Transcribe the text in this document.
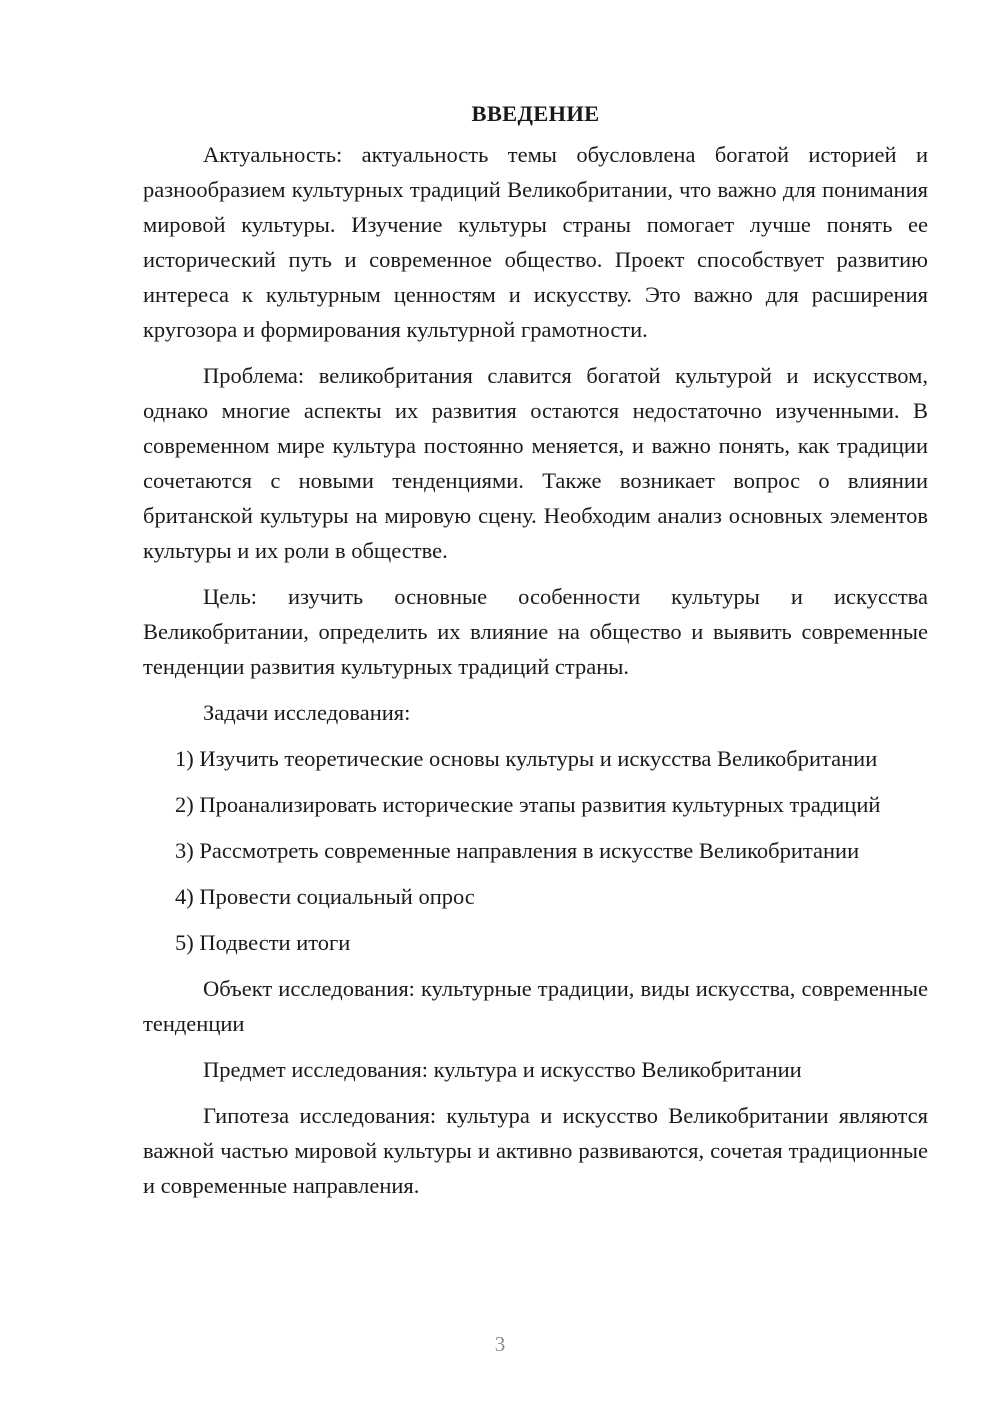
ВВЕДЕНИЕ

Актуальность: актуальность темы обусловлена богатой историей и разнообразием культурных традиций Великобритании, что важно для понимания мировой культуры. Изучение культуры страны помогает лучше понять ее исторический путь и современное общество. Проект способствует развитию интереса к культурным ценностям и искусству. Это важно для расширения кругозора и формирования культурной грамотности.

Проблема: великобритания славится богатой культурой и искусством, однако многие аспекты их развития остаются недостаточно изученными. В современном мире культура постоянно меняется, и важно понять, как традиции сочетаются с новыми тенденциями. Также возникает вопрос о влиянии британской культуры на мировую сцену. Необходим анализ основных элементов культуры и их роли в обществе.

Цель: изучить основные особенности культуры и искусства Великобритании, определить их влияние на общество и выявить современные тенденции развития культурных традиций страны.

Задачи исследования:

1) Изучить теоретические основы культуры и искусства Великобритании

2) Проанализировать исторические этапы развития культурных традиций

3) Рассмотреть современные направления в искусстве Великобритании

4) Провести социальный опрос

5) Подвести итоги

Объект исследования: культурные традиции, виды искусства, современные тенденции

Предмет исследования: культура и искусство Великобритании

Гипотеза исследования: культура и искусство Великобритании являются важной частью мировой культуры и активно развиваются, сочетая традиционные и современные направления.

3
